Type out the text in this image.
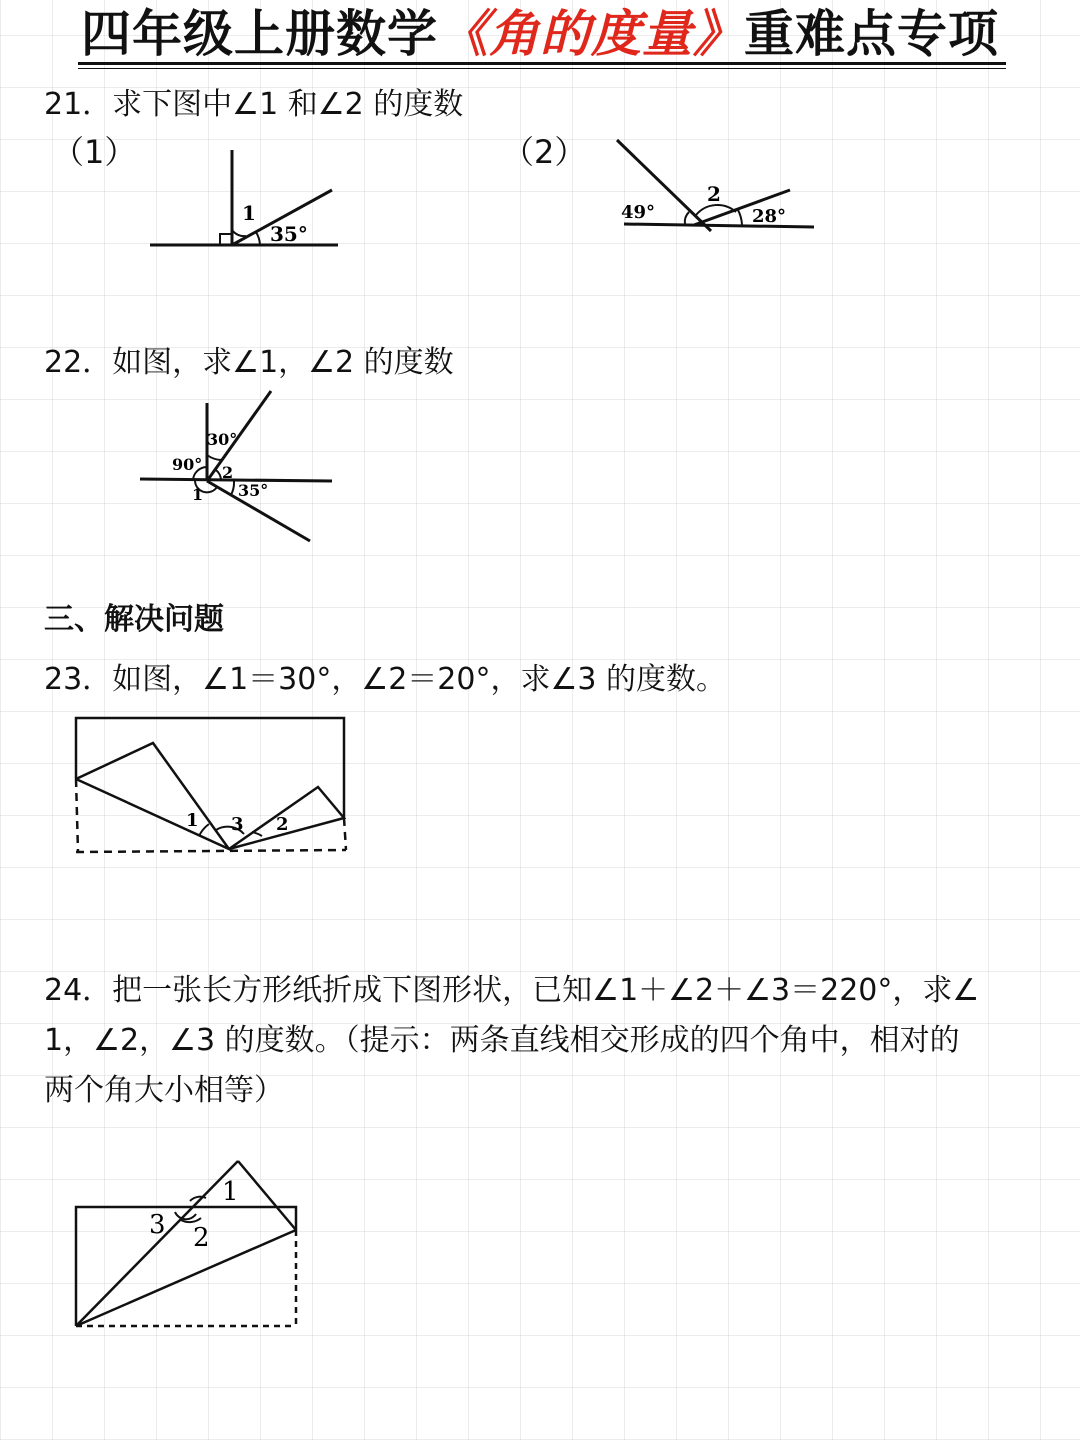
四年级上册数学《角的度量》重难点专项
21．求下图中∠1 和∠2 的度数
（1）	（2）
1
35°
49°
2
28°
22．如图，求∠1，∠2 的度数
30°
90° 2
1 35°
三、解决问题
23．如图，∠1＝30°，∠2＝20°，求∠3 的度数。
1 3 2
24．把一张长方形纸折成下图形状，已知∠1＋∠2＋∠3＝220°，求∠
1，∠2，∠3 的度数。（提示：两条直线相交形成的四个角中，相对的
两个角大小相等）
1
2
3
